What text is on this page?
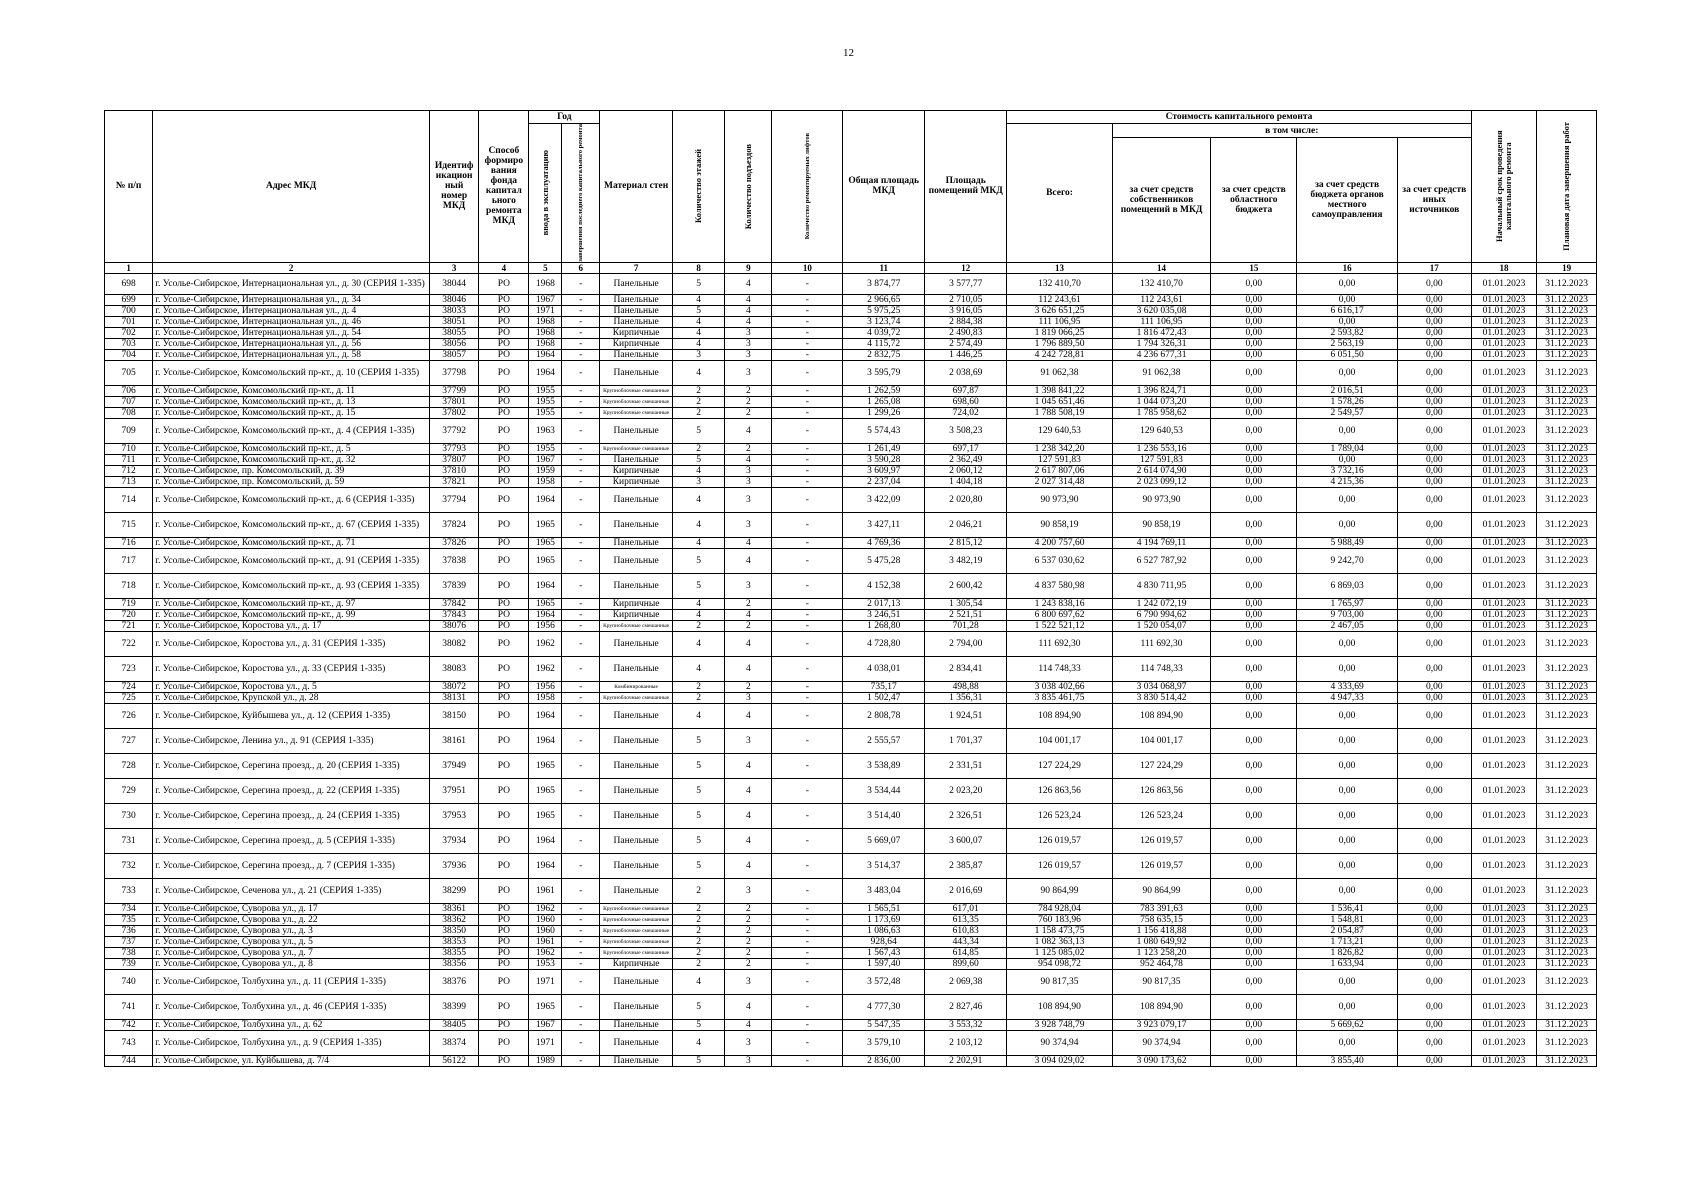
12
№ п/п	Адрес МКД	Идентиф икацион ный номер МКД	Способ формиро вания фонда капитал ьного ремонта МКД	Год		Материал стен	Количество этажей	Количество подъездов	Количество ремонтируемых лифтов	Общая площадь МКД	Площадь помещений МКД	Стоимость капитального ремонта					Начальный срок проведения капитального ремонта	Плановая дата завершения работ

				ввода в эксплуатацию	завершения последнего капитального ремонта							Всего:	в том числе:					
													за счет средств собственников помещений в МКД	за счет средств областного бюджета	за счет средств бюджета органов местного самоуправления	за счет средств иных источников		
1	2	3	4	5	6	7	8	9	10	11	12	13	14	15	16	17	18	19
698	г. Усолье-Сибирское, Интернациональная ул., д. 30 (СЕРИЯ 1-335)	38044	РО	1968	-	Панельные	5	4	-	3 874,77	3 577,77	132 410,70	132 410,70	0,00	0,00	0,00	01.01.2023	31.12.2023
699	г. Усолье-Сибирское, Интернациональная ул., д. 34	38046	РО	1967	-	Панельные	4	4	-	2 966,65	2 710,05	112 243,61	112 243,61	0,00	0,00	0,00	01.01.2023	31.12.2023
700	г. Усолье-Сибирское, Интернациональная ул., д. 4	38033	РО	1971	-	Панельные	5	4	-	5 975,25	3 916,05	3 626 651,25	3 620 035,08	0,00	6 616,17	0,00	01.01.2023	31.12.2023
701	г. Усолье-Сибирское, Интернациональная ул., д. 46	38051	РО	1968	-	Панельные	4	4	-	3 123,74	2 884,38	111 106,95	111 106,95	0,00	0,00	0,00	01.01.2023	31.12.2023
702	г. Усолье-Сибирское, Интернациональная ул., д. 54	38055	РО	1968	-	Кирпичные	4	3	-	4 039,72	2 490,83	1 819 066,25	1 816 472,43	0,00	2 593,82	0,00	01.01.2023	31.12.2023
703	г. Усолье-Сибирское, Интернациональная ул., д. 56	38056	РО	1968	-	Кирпичные	4	3	-	4 115,72	2 574,49	1 796 889,50	1 794 326,31	0,00	2 563,19	0,00	01.01.2023	31.12.2023
704	г. Усолье-Сибирское, Интернациональная ул., д. 58	38057	РО	1964	-	Панельные	3	3	-	2 832,75	1 446,25	4 242 728,81	4 236 677,31	0,00	6 051,50	0,00	01.01.2023	31.12.2023
705	г. Усолье-Сибирское, Комсомольский пр-кт., д. 10 (СЕРИЯ 1-335)	37798	РО	1964	-	Панельные	4	3	-	3 595,79	2 038,69	91 062,38	91 062,38	0,00	0,00	0,00	01.01.2023	31.12.2023
706	г. Усолье-Сибирское, Комсомольский пр-кт., д. 11	37799	РО	1955	-	Крупноблочные смешанные	2	2	-	1 262,59	697,87	1 398 841,22	1 396 824,71	0,00	2 016,51	0,00	01.01.2023	31.12.2023
707	г. Усолье-Сибирское, Комсомольский пр-кт., д. 13	37801	РО	1955	-	Крупноблочные смешанные	2	2	-	1 265,08	698,60	1 045 651,46	1 044 073,20	0,00	1 578,26	0,00	01.01.2023	31.12.2023
708	г. Усолье-Сибирское, Комсомольский пр-кт., д. 15	37802	РО	1955	-	Крупноблочные смешанные	2	2	-	1 299,26	724,02	1 788 508,19	1 785 958,62	0,00	2 549,57	0,00	01.01.2023	31.12.2023
709	г. Усолье-Сибирское, Комсомольский пр-кт., д. 4 (СЕРИЯ 1-335)	37792	РО	1963	-	Панельные	5	4	-	5 574,43	3 508,23	129 640,53	129 640,53	0,00	0,00	0,00	01.01.2023	31.12.2023
710	г. Усолье-Сибирское, Комсомольский пр-кт., д. 5	37793	РО	1955	-	Крупноблочные смешанные	2	2	-	1 261,49	697,17	1 238 342,20	1 236 553,16	0,00	1 789,04	0,00	01.01.2023	31.12.2023
711	г. Усолье-Сибирское, Комсомольский пр-кт., д. 32	37807	РО	1967	-	Панельные	5	4	-	3 590,28	2 362,49	127 591,83	127 591,83	0,00	0,00	0,00	01.01.2023	31.12.2023
712	г. Усолье-Сибирское, пр. Комсомольский, д. 39	37810	РО	1959	-	Кирпичные	4	3	-	3 609,97	2 060,12	2 617 807,06	2 614 074,90	0,00	3 732,16	0,00	01.01.2023	31.12.2023
713	г. Усолье-Сибирское, пр. Комсомольский, д. 59	37821	РО	1958	-	Кирпичные	3	3	-	2 237,04	1 404,18	2 027 314,48	2 023 099,12	0,00	4 215,36	0,00	01.01.2023	31.12.2023
714	г. Усолье-Сибирское, Комсомольский пр-кт., д. 6 (СЕРИЯ 1-335)	37794	РО	1964	-	Панельные	4	3	-	3 422,09	2 020,80	90 973,90	90 973,90	0,00	0,00	0,00	01.01.2023	31.12.2023
715	г. Усолье-Сибирское, Комсомольский пр-кт., д. 67 (СЕРИЯ 1-335)	37824	РО	1965	-	Панельные	4	3	-	3 427,11	2 046,21	90 858,19	90 858,19	0,00	0,00	0,00	01.01.2023	31.12.2023
716	г. Усолье-Сибирское, Комсомольский пр-кт., д. 71	37826	РО	1965	-	Панельные	4	4	-	4 769,36	2 815,12	4 200 757,60	4 194 769,11	0,00	5 988,49	0,00	01.01.2023	31.12.2023
717	г. Усолье-Сибирское, Комсомольский пр-кт., д. 91 (СЕРИЯ 1-335)	37838	РО	1965	-	Панельные	5	4	-	5 475,28	3 482,19	6 537 030,62	6 527 787,92	0,00	9 242,70	0,00	01.01.2023	31.12.2023
718	г. Усолье-Сибирское, Комсомольский пр-кт., д. 93 (СЕРИЯ 1-335)	37839	РО	1964	-	Панельные	5	3	-	4 152,38	2 600,42	4 837 580,98	4 830 711,95	0,00	6 869,03	0,00	01.01.2023	31.12.2023
719	г. Усолье-Сибирское, Комсомольский пр-кт., д. 97	37842	РО	1965	-	Кирпичные	4	2	-	2 017,13	1 305,54	1 243 838,16	1 242 072,19	0,00	1 765,97	0,00	01.01.2023	31.12.2023
720	г. Усолье-Сибирское, Комсомольский пр-кт., д. 99	37843	РО	1964	-	Кирпичные	4	4	-	3 246,51	2 521,51	6 800 697,62	6 790 994,62	0,00	9 703,00	0,00	01.01.2023	31.12.2023
721	г. Усолье-Сибирское, Коростова ул., д. 17	38076	РО	1956	-	Крупноблочные смешанные	2	2	-	1 268,80	701,28	1 522 521,12	1 520 054,07	0,00	2 467,05	0,00	01.01.2023	31.12.2023
722	г. Усолье-Сибирское, Коростова ул., д. 31 (СЕРИЯ 1-335)	38082	РО	1962	-	Панельные	4	4	-	4 728,80	2 794,00	111 692,30	111 692,30	0,00	0,00	0,00	01.01.2023	31.12.2023
723	г. Усолье-Сибирское, Коростова ул., д. 33 (СЕРИЯ 1-335)	38083	РО	1962	-	Панельные	4	4	-	4 038,01	2 834,41	114 748,33	114 748,33	0,00	0,00	0,00	01.01.2023	31.12.2023
724	г. Усолье-Сибирское, Коростова ул., д. 5	38072	РО	1956	-	Комбинированные	2	2	-	735,17	498,88	3 038 402,66	3 034 068,97	0,00	4 333,69	0,00	01.01.2023	31.12.2023
725	г. Усолье-Сибирское, Крупской ул., д. 28	38131	РО	1958	-	Крупноблочные смешанные	2	3	-	1 502,47	1 356,31	3 835 461,75	3 830 514,42	0,00	4 947,33	0,00	01.01.2023	31.12.2023
726	г. Усолье-Сибирское, Куйбышева ул., д. 12 (СЕРИЯ 1-335)	38150	РО	1964	-	Панельные	4	4	-	2 808,78	1 924,51	108 894,90	108 894,90	0,00	0,00	0,00	01.01.2023	31.12.2023
727	г. Усолье-Сибирское, Ленина ул., д. 91 (СЕРИЯ 1-335)	38161	РО	1964	-	Панельные	5	3	-	2 555,57	1 701,37	104 001,17	104 001,17	0,00	0,00	0,00	01.01.2023	31.12.2023
728	г. Усолье-Сибирское, Серегина проезд., д. 20 (СЕРИЯ 1-335)	37949	РО	1965	-	Панельные	5	4	-	3 538,89	2 331,51	127 224,29	127 224,29	0,00	0,00	0,00	01.01.2023	31.12.2023
729	г. Усолье-Сибирское, Серегина проезд., д. 22 (СЕРИЯ 1-335)	37951	РО	1965	-	Панельные	5	4	-	3 534,44	2 023,20	126 863,56	126 863,56	0,00	0,00	0,00	01.01.2023	31.12.2023
730	г. Усолье-Сибирское, Серегина проезд., д. 24 (СЕРИЯ 1-335)	37953	РО	1965	-	Панельные	5	4	-	3 514,40	2 326,51	126 523,24	126 523,24	0,00	0,00	0,00	01.01.2023	31.12.2023
731	г. Усолье-Сибирское, Серегина проезд., д. 5 (СЕРИЯ 1-335)	37934	РО	1964	-	Панельные	5	4	-	5 669,07	3 600,07	126 019,57	126 019,57	0,00	0,00	0,00	01.01.2023	31.12.2023
732	г. Усолье-Сибирское, Серегина проезд., д. 7 (СЕРИЯ 1-335)	37936	РО	1964	-	Панельные	5	4	-	3 514,37	2 385,87	126 019,57	126 019,57	0,00	0,00	0,00	01.01.2023	31.12.2023
733	г. Усолье-Сибирское, Сеченова ул., д. 21 (СЕРИЯ 1-335)	38299	РО	1961	-	Панельные	2	3	-	3 483,04	2 016,69	90 864,99	90 864,99	0,00	0,00	0,00	01.01.2023	31.12.2023
734	г. Усолье-Сибирское, Суворова ул., д. 17	38361	РО	1962	-	Крупноблочные смешанные	2	2	-	1 565,51	617,01	784 928,04	783 391,63	0,00	1 536,41	0,00	01.01.2023	31.12.2023
735	г. Усолье-Сибирское, Суворова ул., д. 22	38362	РО	1960	-	Крупноблочные смешанные	2	2	-	1 173,69	613,35	760 183,96	758 635,15	0,00	1 548,81	0,00	01.01.2023	31.12.2023
736	г. Усолье-Сибирское, Суворова ул., д. 3	38350	РО	1960	-	Крупноблочные смешанные	2	2	-	1 086,63	610,83	1 158 473,75	1 156 418,88	0,00	2 054,87	0,00	01.01.2023	31.12.2023
737	г. Усолье-Сибирское, Суворова ул., д. 5	38353	РО	1961	-	Крупноблочные смешанные	2	2	-	928,64	443,34	1 082 363,13	1 080 649,92	0,00	1 713,21	0,00	01.01.2023	31.12.2023
738	г. Усолье-Сибирское, Суворова ул., д. 7	38355	РО	1962	-	Крупноблочные смешанные	2	2	-	1 567,43	614,85	1 125 085,02	1 123 258,20	0,00	1 826,82	0,00	01.01.2023	31.12.2023
739	г. Усолье-Сибирское, Суворова ул., д. 8	38356	РО	1953	-	Кирпичные	2	2	-	1 597,40	899,60	954 098,72	952 464,78	0,00	1 633,94	0,00	01.01.2023	31.12.2023
740	г. Усолье-Сибирское, Толбухина ул., д. 11 (СЕРИЯ 1-335)	38376	РО	1971	-	Панельные	4	3	-	3 572,48	2 069,38	90 817,35	90 817,35	0,00	0,00	0,00	01.01.2023	31.12.2023
741	г. Усолье-Сибирское, Толбухина ул., д. 46 (СЕРИЯ 1-335)	38399	РО	1965	-	Панельные	5	4	-	4 777,30	2 827,46	108 894,90	108 894,90	0,00	0,00	0,00	01.01.2023	31.12.2023
742	г. Усолье-Сибирское, Толбухина ул., д. 62	38405	РО	1967	-	Панельные	5	4	-	5 547,35	3 553,32	3 928 748,79	3 923 079,17	0,00	5 669,62	0,00	01.01.2023	31.12.2023
743	г. Усолье-Сибирское, Толбухина ул., д. 9 (СЕРИЯ 1-335)	38374	РО	1971	-	Панельные	4	3	-	3 579,10	2 103,12	90 374,94	90 374,94	0,00	0,00	0,00	01.01.2023	31.12.2023
744	г. Усолье-Сибирское, ул. Куйбышева, д. 7/4	56122	РО	1989	-	Панельные	5	3	-	2 836,00	2 202,91	3 094 029,02	3 090 173,62	0,00	3 855,40	0,00	01.01.2023	31.12.2023
